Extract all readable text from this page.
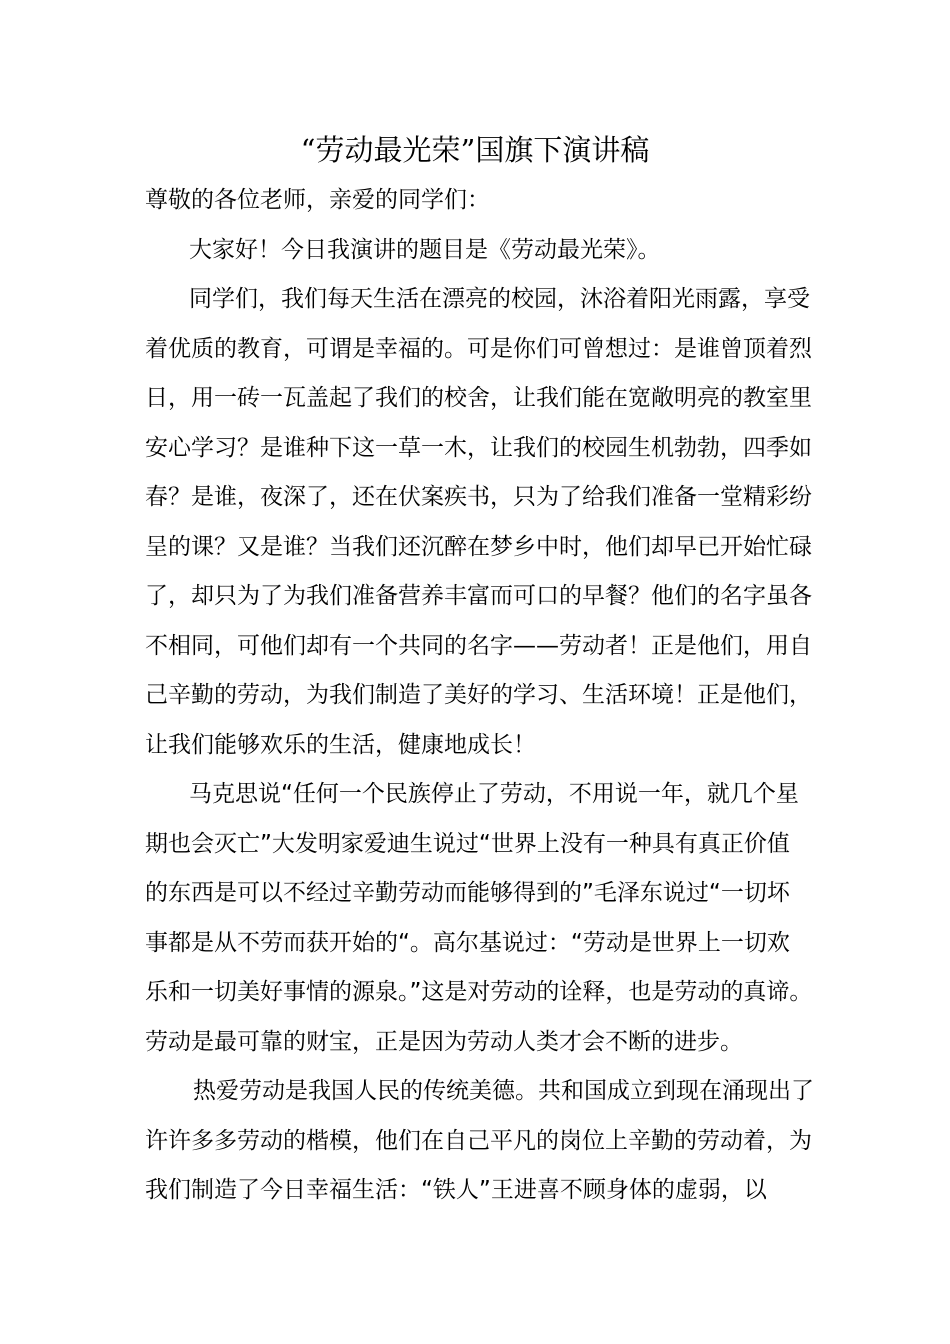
“劳动最光荣”国旗下演讲稿
尊敬的各位老师，亲爱的同学们：
大家好！今日我演讲的题目是《劳动最光荣》。
同学们，我们每天生活在漂亮的校园，沐浴着阳光雨露，享受
着优质的教育，可谓是幸福的。可是你们可曾想过：是谁曾顶着烈
日，用一砖一瓦盖起了我们的校舍，让我们能在宽敞明亮的教室里
安心学习？是谁种下这一草一木，让我们的校园生机勃勃，四季如
春？是谁，夜深了，还在伏案疾书，只为了给我们准备一堂精彩纷
呈的课？又是谁？当我们还沉醉在梦乡中时，他们却早已开始忙碌
了，却只为了为我们准备营养丰富而可口的早餐？他们的名字虽各
不相同，可他们却有一个共同的名字——劳动者！正是他们，用自
己辛勤的劳动，为我们制造了美好的学习、生活环境！正是他们，
让我们能够欢乐的生活，健康地成长！
马克思说“任何一个民族停止了劳动，不用说一年，就几个星
期也会灭亡”大发明家爱迪生说过“世界上没有一种具有真正价值
的东西是可以不经过辛勤劳动而能够得到的”毛泽东说过“一切坏
事都是从不劳而获开始的“。高尔基说过：“劳动是世界上一切欢
乐和一切美好事情的源泉。”这是对劳动的诠释，也是劳动的真谛。
劳动是最可靠的财宝，正是因为劳动人类才会不断的进步。
热爱劳动是我国人民的传统美德。共和国成立到现在涌现出了
许许多多劳动的楷模，他们在自己平凡的岗位上辛勤的劳动着，为
我们制造了今日幸福生活：“铁人”王进喜不顾身体的虚弱，以
